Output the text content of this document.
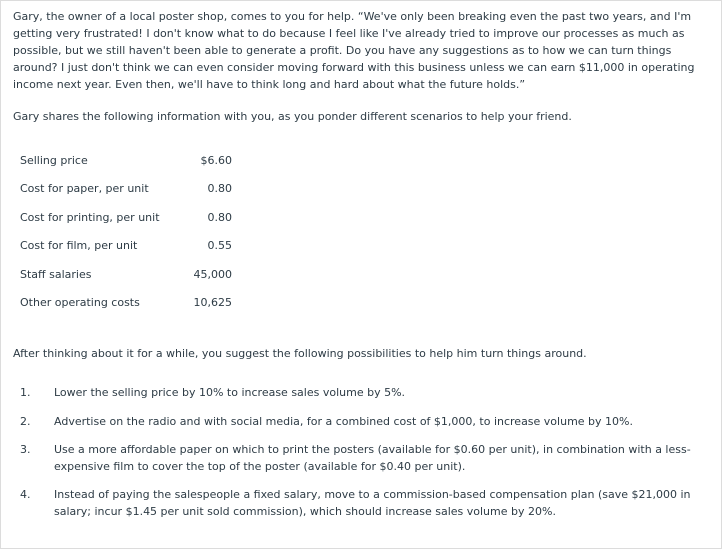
Gary, the owner of a local poster shop, comes to you for help. “We've only been breaking even the past two years, and I'm getting very frustrated! I don't know what to do because I feel like I've already tried to improve our processes as much as possible, but we still haven't been able to generate a profit. Do you have any suggestions as to how we can turn things around? I just don't think we can even consider moving forward with this business unless we can earn $11,000 in operating income next year. Even then, we'll have to think long and hard about what the future holds.”

Gary shares the following information with you, as you ponder different scenarios to help your friend.

Selling price	$6.60
Cost for paper, per unit	0.80
Cost for printing, per unit	0.80
Cost for film, per unit	0.55
Staff salaries	45,000
Other operating costs	10,625

After thinking about it for a while, you suggest the following possibilities to help him turn things around.

1. Lower the selling price by 10% to increase sales volume by 5%.
2. Advertise on the radio and with social media, for a combined cost of $1,000, to increase volume by 10%.
3. Use a more affordable paper on which to print the posters (available for $0.60 per unit), in combination with a less-expensive film to cover the top of the poster (available for $0.40 per unit).
4. Instead of paying the salespeople a fixed salary, move to a commission-based compensation plan (save $21,000 in salary; incur $1.45 per unit sold commission), which should increase sales volume by 20%.
